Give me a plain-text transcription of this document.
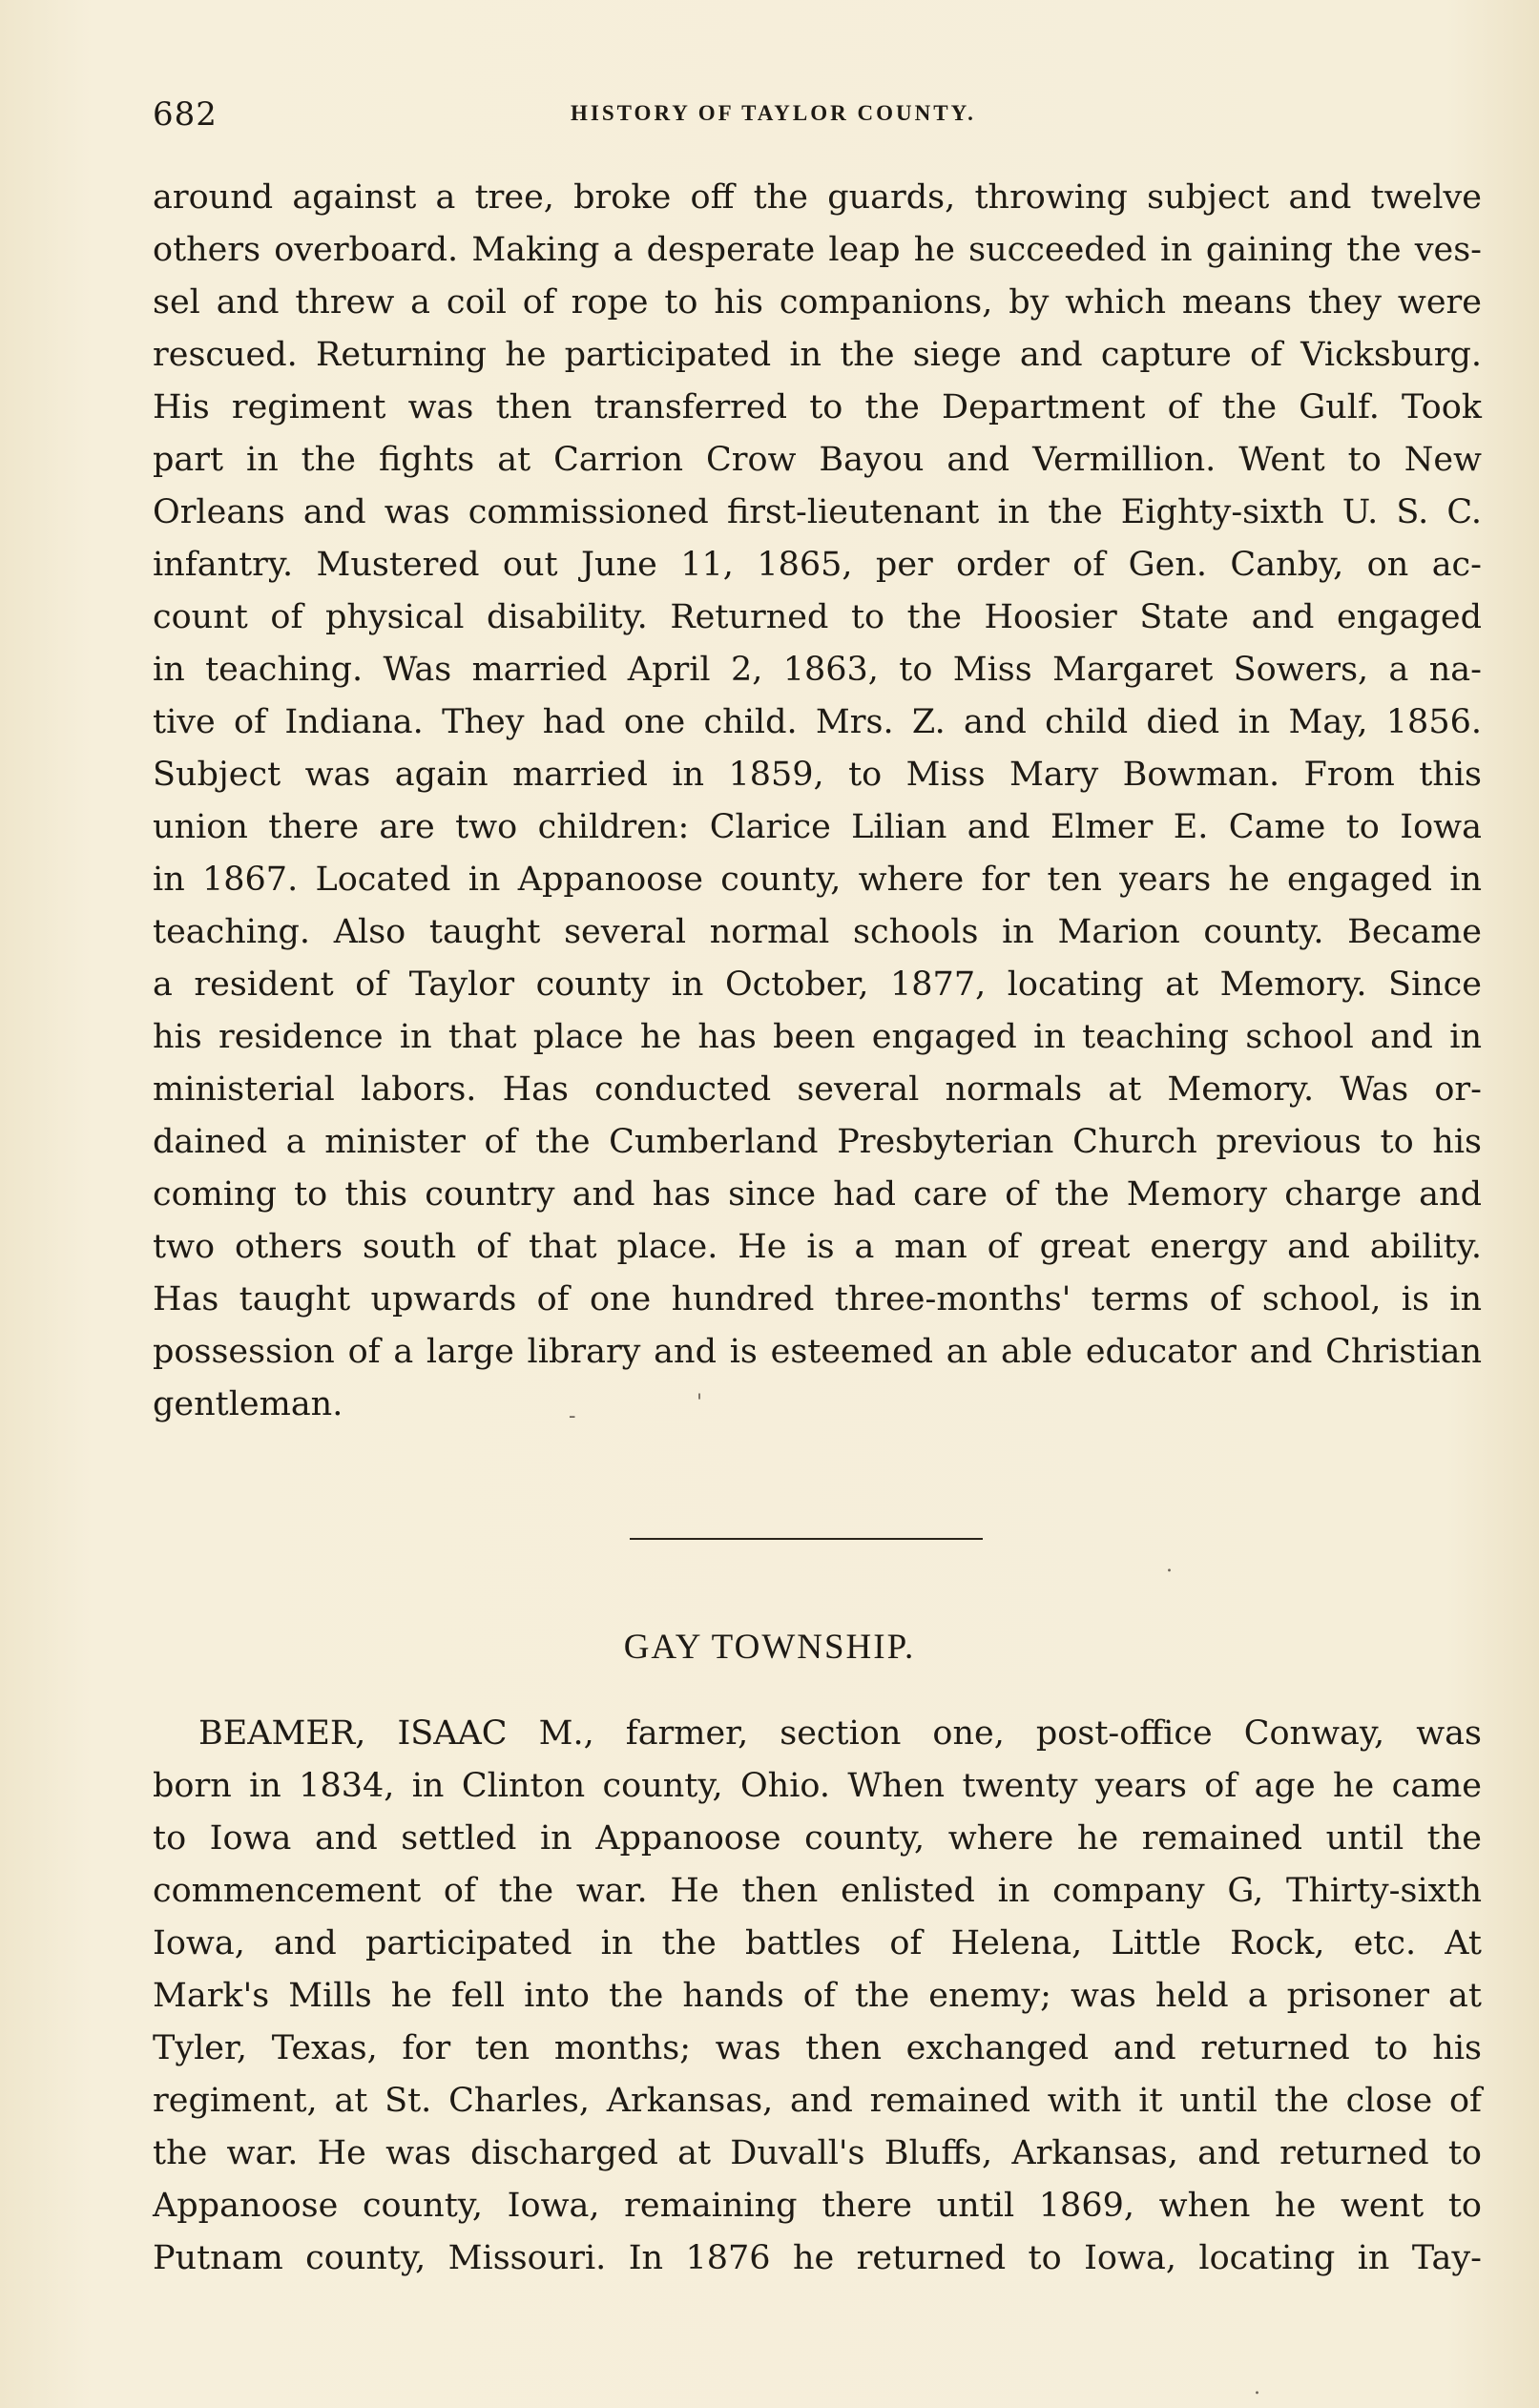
682	HISTORY OF TAYLOR COUNTY.
around against a tree, broke off the guards, throwing subject and twelve
others overboard. Making a desperate leap he succeeded in gaining the ves-
sel and threw a coil of rope to his companions, by which means they were
rescued. Returning he participated in the siege and capture of Vicksburg.
His regiment was then transferred to the Department of the Gulf. Took
part in the fights at Carrion Crow Bayou and Vermillion. Went to New
Orleans and was commissioned first-lieutenant in the Eighty-sixth U. S. C.
infantry. Mustered out June 11, 1865, per order of Gen. Canby, on ac-
count of physical disability. Returned to the Hoosier State and engaged
in teaching. Was married April 2, 1863, to Miss Margaret Sowers, a na-
tive of Indiana. They had one child. Mrs. Z. and child died in May, 1856.
Subject was again married in 1859, to Miss Mary Bowman. From this
union there are two children: Clarice Lilian and Elmer E. Came to Iowa
in 1867. Located in Appanoose county, where for ten years he engaged in
teaching. Also taught several normal schools in Marion county. Became
a resident of Taylor county in October, 1877, locating at Memory. Since
his residence in that place he has been engaged in teaching school and in
ministerial labors. Has conducted several normals at Memory. Was or-
dained a minister of the Cumberland Presbyterian Church previous to his
coming to this country and has since had care of the Memory charge and
two others south of that place. He is a man of great energy and ability.
Has taught upwards of one hundred three-months' terms of school, is in
possession of a large library and is esteemed an able educator and Christian
gentleman.	-
'
.
GAY TOWNSHIP.
BEAMER, ISAAC M., farmer, section one, post-office Conway, was
born in 1834, in Clinton county, Ohio. When twenty years of age he came
to Iowa and settled in Appanoose county, where he remained until the
commencement of the war. He then enlisted in company G, Thirty-sixth
Iowa, and participated in the battles of Helena, Little Rock, etc. At
Mark's Mills he fell into the hands of the enemy; was held a prisoner at
Tyler, Texas, for ten months; was then exchanged and returned to his
regiment, at St. Charles, Arkansas, and remained with it until the close of
the war. He was discharged at Duvall's Bluffs, Arkansas, and returned to
Appanoose county, Iowa, remaining there until 1869, when he went to
Putnam county, Missouri. In 1876 he returned to Iowa, locating in Tay-
.
